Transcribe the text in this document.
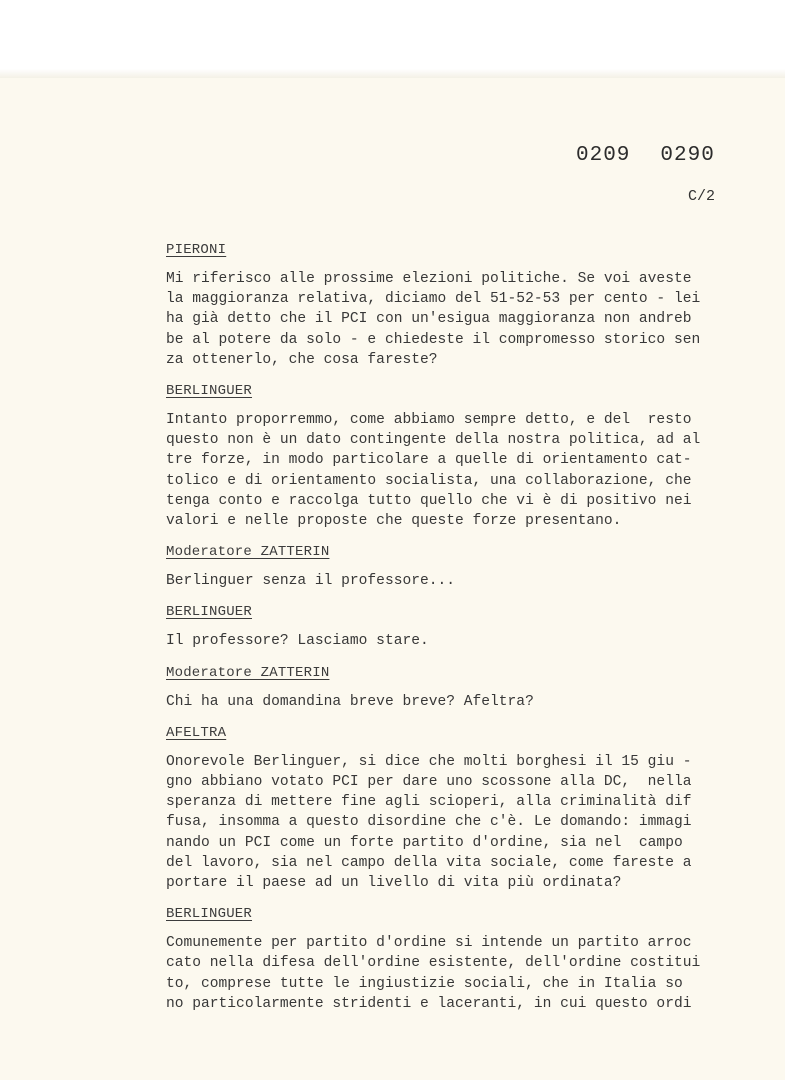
0209 0290
C/2
PIERONI

Mi riferisco alle prossime elezioni politiche. Se voi aveste

la maggioranza relativa, diciamo del 51-52-53 per cento - lei

ha già detto che il PCI con un'esigua maggioranza non andreb

be al potere da solo - e chiedeste il compromesso storico sen

za ottenerlo, che cosa fareste?

BERLINGUER

Intanto proporremmo, come abbiamo sempre detto, e del  resto

questo non è un dato contingente della nostra politica, ad al

tre forze, in modo particolare a quelle di orientamento cat-

tolico e di orientamento socialista, una collaborazione, che

tenga conto e raccolga tutto quello che vi è di positivo nei

valori e nelle proposte che queste forze presentano.

Moderatore ZATTERIN

Berlinguer senza il professore...

BERLINGUER

Il professore? Lasciamo stare.

Moderatore ZATTERIN

Chi ha una domandina breve breve? Afeltra?

AFELTRA

Onorevole Berlinguer, si dice che molti borghesi il 15 giu -

gno abbiano votato PCI per dare uno scossone alla DC,  nella

speranza di mettere fine agli scioperi, alla criminalità dif

fusa, insomma a questo disordine che c'è. Le domando: immagi

nando un PCI come un forte partito d'ordine, sia nel  campo

del lavoro, sia nel campo della vita sociale, come fareste a

portare il paese ad un livello di vita più ordinata?

BERLINGUER

Comunemente per partito d'ordine si intende un partito arroc

cato nella difesa dell'ordine esistente, dell'ordine costitui

to, comprese tutte le ingiustizie sociali, che in Italia so

no particolarmente stridenti e laceranti, in cui questo ordi
